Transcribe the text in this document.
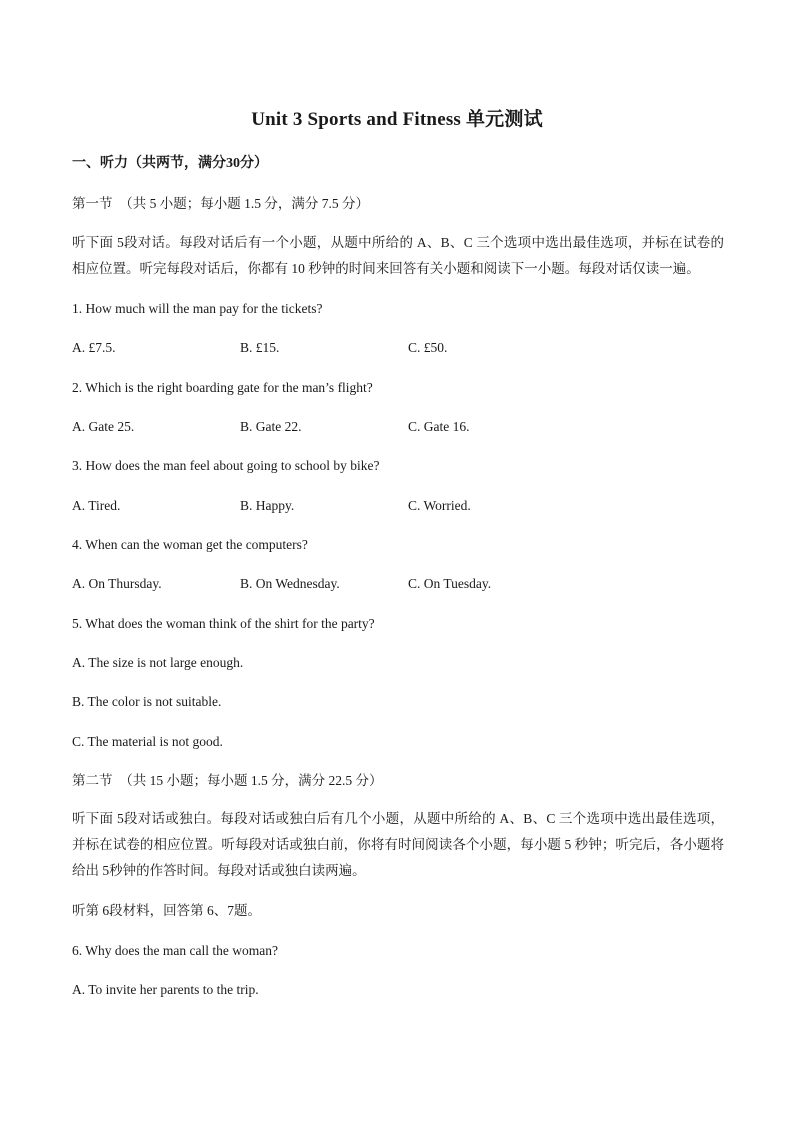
Unit 3 Sports and Fitness 单元测试
一、听力（共两节，满分30分）
第一节　（共 5 小题；每小题 1.5 分，满分 7.5 分）
听下面 5段对话。每段对话后有一个小题，从题中所给的 A、B、C 三个选项中选出最佳选项，并标在试卷的相应位置。听完每段对话后，你都有 10 秒钟的时间来回答有关小题和阅读下一小题。每段对话仅读一遍。
1. How much will the man pay for the tickets?
A. £7.5.	B. £15.	C. £50.
2. Which is the right boarding gate for the man’s flight?
A. Gate 25.	B. Gate 22.	C. Gate 16.
3. How does the man feel about going to school by bike?
A. Tired.	B. Happy.	C. Worried.
4. When can the woman get the computers?
A. On Thursday.	B. On Wednesday.	C. On Tuesday.
5. What does the woman think of the shirt for the party?
A. The size is not large enough.
B. The color is not suitable.
C. The material is not good.
第二节　（共 15 小题；每小题 1.5 分，满分 22.5 分）
听下面 5段对话或独白。每段对话或独白后有几个小题，从题中所给的 A、B、C 三个选项中选出最佳选项，并标在试卷的相应位置。听每段对话或独白前，你将有时间阅读各个小题，每小题 5 秒钟；听完后，各小题将给出 5秒钟的作答时间。每段对话或独白读两遍。
听第 6段材料，回答第 6、7题。
6. Why does the man call the woman?
A. To invite her parents to the trip.
